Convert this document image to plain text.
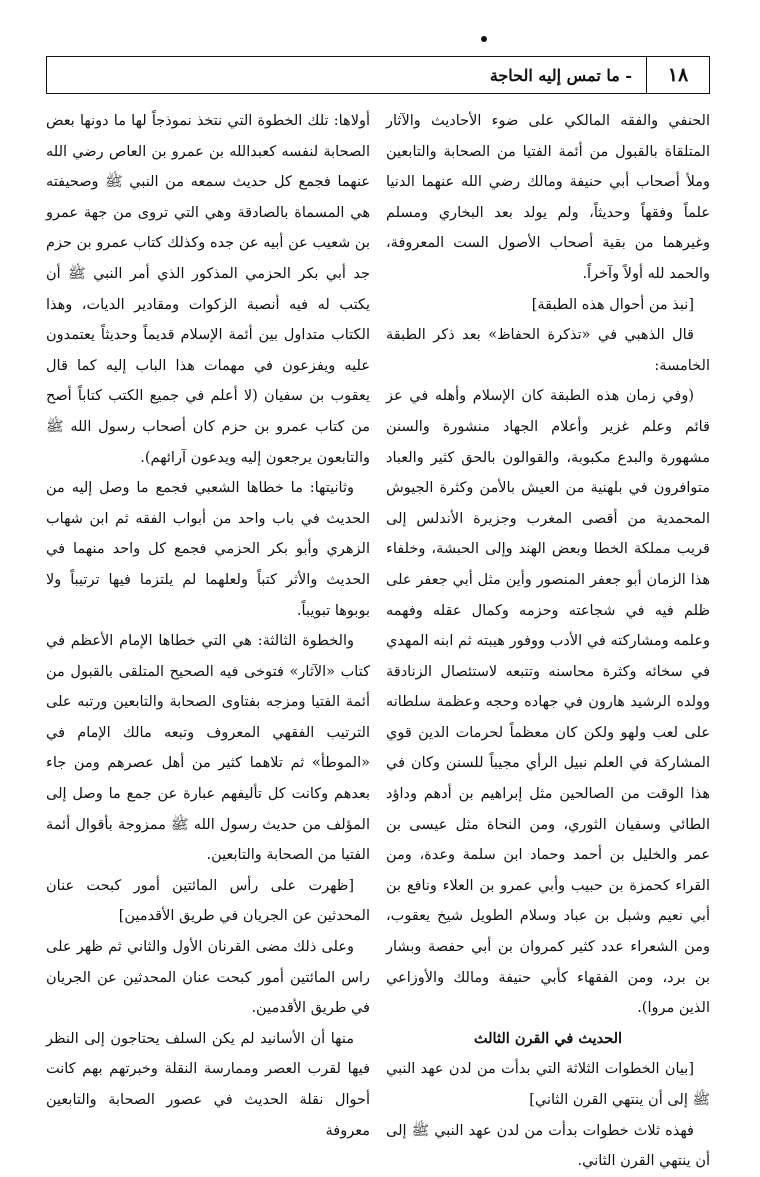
١٨
- ما تمس إليه الحاجة

الحنفي والفقه المالكي على ضوء الأحاديث والآثار المتلقاة بالقبول من أئمة الفتيا من الصحابة والتابعين وملأ أصحاب أبي حنيفة ومالك رضي الله عنهما الدنيا علماً وفقهاً وحديثاً، ولم يولد بعد البخاري ومسلم وغيرهما من بقية أصحاب الأصول الست المعروفة، والحمد لله أولاً وآخراً.

[نبذ من أحوال هذه الطبقة]

قال الذهبي في «تذكرة الحفاظ» بعد ذكر الطبقة الخامسة:

(وفي زمان هذه الطبقة كان الإسلام وأهله في عز قائم وعلم غزير وأعلام الجهاد منشورة والسنن مشهورة والبدع مكبوبة، والقوالون بالحق كثير والعباد متوافرون في بلهنية من العيش بالأمن وكثرة الجيوش المحمدية من أقصى المغرب وجزيرة الأندلس إلى قريب مملكة الخطا وبعض الهند وإلى الحبشة، وخلفاء هذا الزمان أبو جعفر المنصور وأين مثل أبي جعفر على ظلم فيه في شجاعته وحزمه وكمال عقله وفهمه وعلمه ومشاركته في الأدب ووفور هيبته ثم ابنه المهدي في سخائه وكثرة محاسنه وتتبعه لاستئصال الزنادقة وولده الرشيد هارون في جهاده وحجه وعظمة سلطانه على لعب ولهو ولكن كان معظماً لحرمات الدين قوي المشاركة في العلم نبيل الرأي مجيباً للسنن وكان في هذا الوقت من الصالحين مثل إبراهيم بن أدهم وداؤد الطائي وسفيان الثوري، ومن النحاة مثل عيسى بن عمر والخليل بن أحمد وحماد ابن سلمة وعدة، ومن القراء كحمزة بن حبيب وأبي عمرو بن العلاء ونافع بن أبي نعيم وشبل بن عباد وسلام الطويل شيخ يعقوب، ومن الشعراء عدد كثير كمروان بن أبي حفصة وبشار بن برد، ومن الفقهاء كأبي حنيفة ومالك والأوزاعي الذين مروا).

الحديث في القرن الثالث

[بيان الخطوات الثلاثة التي بدأت من لدن عهد النبي ﷺ إلى أن ينتهي القرن الثاني]

فهذه ثلاث خطوات بدأت من لدن عهد النبي ﷺ إلى أن ينتهي القرن الثاني.

أولاها: تلك الخطوة التي نتخذ نموذجاً لها ما دونها بعض الصحابة لنفسه كعبدالله بن عمرو بن العاص رضي الله عنهما فجمع كل حديث سمعه من النبي ﷺ وصحيفته هي المسماة بالصادقة وهي التي تروى من جهة عمرو بن شعيب عن أبيه عن جده وكذلك كتاب عمرو بن حزم جد أبي بكر الحزمي المذكور الذي أمر النبي ﷺ أن يكتب له فيه أنصبة الزكوات ومقادير الديات، وهذا الكتاب متداول بين أئمة الإسلام قديماً وحديثاً يعتمدون عليه ويفزعون في مهمات هذا الباب إليه كما قال يعقوب بن سفيان (لا أعلم في جميع الكتب كتاباً أصح من كتاب عمرو بن حزم كان أصحاب رسول الله ﷺ والتابعون يرجعون إليه ويدعون آرائهم).

وثانيتها: ما خطاها الشعبي فجمع ما وصل إليه من الحديث في باب واحد من أبواب الفقه ثم ابن شهاب الزهري وأبو بكر الحزمي فجمع كل واحد منهما في الحديث والأثر كتباً ولعلهما لم يلتزما فيها ترتيباً ولا بوبوها تبويباً.

والخطوة الثالثة: هي التي خطاها الإمام الأعظم في كتاب «الآثار» فتوخى فيه الصحيح المتلقى بالقبول من أئمة الفتيا ومزجه بفتاوى الصحابة والتابعين ورتبه على الترتيب الفقهي المعروف وتبعه مالك الإمام في «الموطأ» ثم تلاهما كثير من أهل عصرهم ومن جاء بعدهم وكانت كل تأليفهم عبارة عن جمع ما وصل إلى المؤلف من حديث رسول الله ﷺ ممزوجة بأقوال أئمة الفتيا من الصحابة والتابعين.

[ظهرت على رأس المائتين أمور كبحت عنان المحدثين عن الجريان في طريق الأقدمين]

وعلى ذلك مضى القرنان الأول والثاني ثم ظهر على راس المائتين أمور كبحت عنان المحدثين عن الجريان في طريق الأقدمين.

منها أن الأسانيد لم يكن السلف يحتاجون إلى النظر فيها لقرب العصر وممارسة النقلة وخبرتهم بهم كانت أحوال نقلة الحديث في عصور الصحابة والتابعين معروفة
